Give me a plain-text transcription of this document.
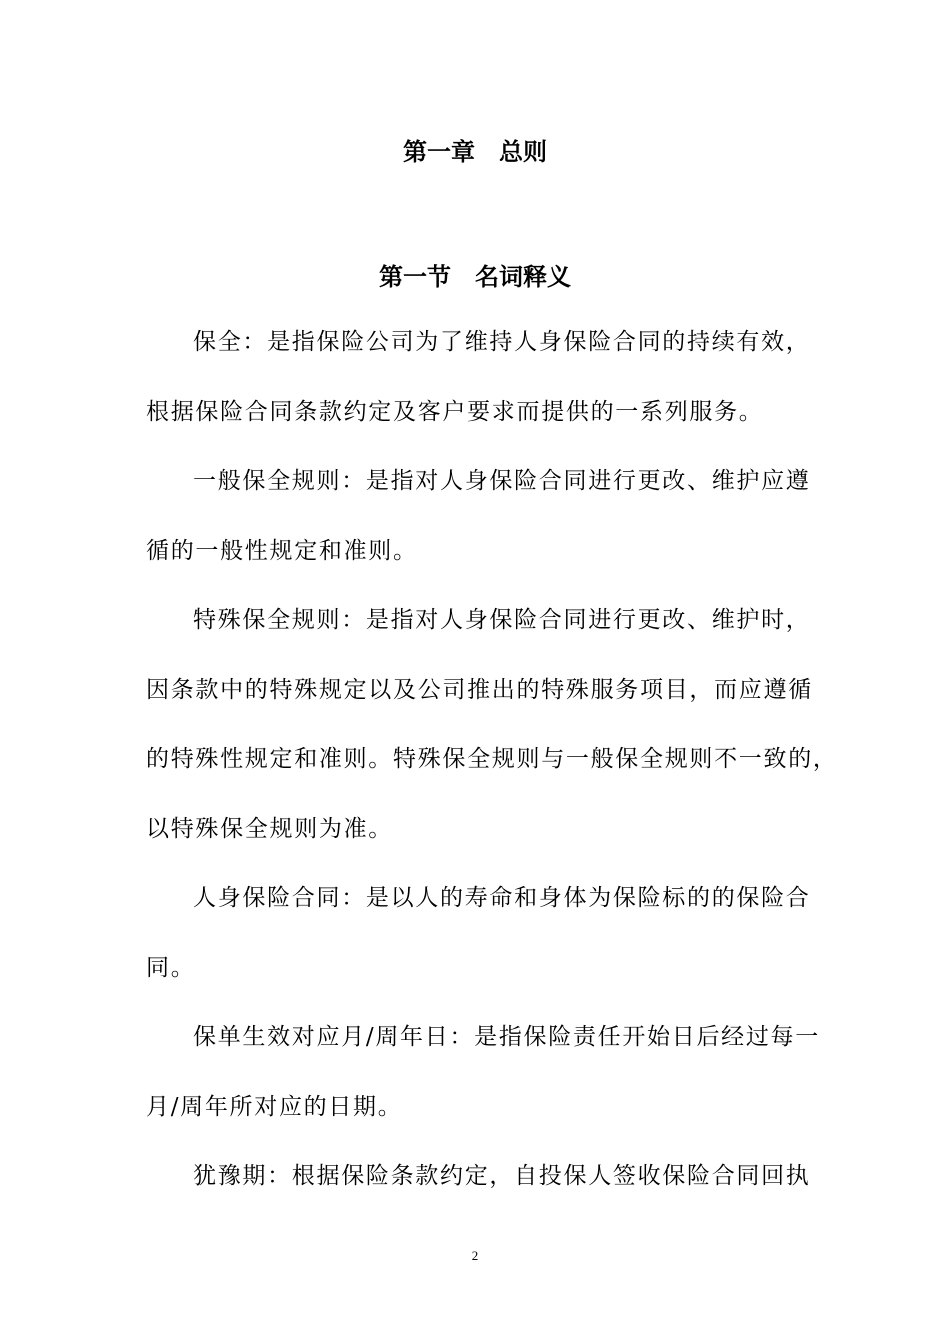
第一章　总则
第一节　名词释义
保全：是指保险公司为了维持人身保险合同的持续有效，
根据保险合同条款约定及客户要求而提供的一系列服务。
一般保全规则：是指对人身保险合同进行更改、维护应遵
循的一般性规定和准则。
特殊保全规则：是指对人身保险合同进行更改、维护时，
因条款中的特殊规定以及公司推出的特殊服务项目，而应遵循
的特殊性规定和准则。特殊保全规则与一般保全规则不一致的，
以特殊保全规则为准。
人身保险合同：是以人的寿命和身体为保险标的的保险合
同。
保单生效对应月/周年日：是指保险责任开始日后经过每一
月/周年所对应的日期。
犹豫期：根据保险条款约定，自投保人签收保险合同回执
2
